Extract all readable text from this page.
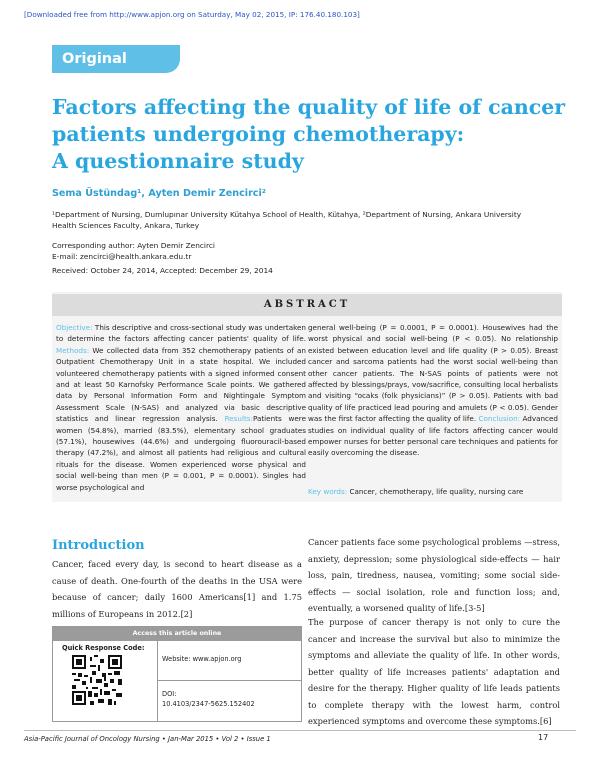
[Downloaded free from http://www.apjon.org on Saturday, May 02, 2015, IP: 176.40.180.103]
Original Article
Factors affecting the quality of life of cancer
patients undergoing chemotherapy:
A questionnaire study
Sema Üstündag¹, Ayten Demir Zencirci²
¹Department of Nursing, Dumlupınar University Kütahya School of Health, Kütahya, ²Department of Nursing, Ankara University Health Sciences Faculty, Ankara, Turkey
Corresponding author: Ayten Demir Zencirci
E-mail: zencirci@health.ankara.edu.tr
Received: October 24, 2014, Accepted: December 29, 2014
ABSTRACT
Objective: This descriptive and cross-sectional study was undertaken to determine the factors affecting cancer patients' quality of life. Methods: We collected data from 352 chemotherapy patients of an Outpatient Chemotherapy Unit in a state hospital. We included volunteered chemotherapy patients with a signed informed consent and at least 50 Karnofsky Performance Scale points. We gathered data by Personal Information Form and Nightingale Symptom Assessment Scale (N-SAS) and analyzed via basic descriptive statistics and linear regression analysis. Results:Patients were women (54.8%), married (83.5%), elementary school graduates (57.1%), housewives (44.6%) and undergoing fluorouracil-based therapy (47.2%), and almost all patients had religious and cultural rituals for the disease. Women experienced worse physical and social well-being than men (P = 0.001, P = 0.0001). Singles had worse psychological and
general well-being (P = 0.0001, P = 0.0001). Housewives had the worst physical and social well-being (P < 0.05). No relationship existed between education level and life quality (P > 0.05). Breast cancer and sarcoma patients had the worst social well-being than other cancer patients. The N-SAS points of patients were not affected by blessings/prays, vow/sacrifice, consulting local herbalists and visiting “ocaks (folk physicians)” (P > 0.05). Patients with bad quality of life practiced lead pouring and amulets (P < 0.05). Gender was the first factor affecting the quality of life. Conclusion: Advanced studies on individual quality of life factors affecting cancer would empower nurses for better personal care techniques and patients for easily overcoming the disease.
Key words: Cancer, chemotherapy, life quality, nursing care
Introduction
Cancer, faced every day, is second to heart disease as a cause of death. One-fourth of the deaths in the USA were because of cancer; daily 1600 Americans[1] and 1.75 millions of Europeans in 2012.[2]
Cancer patients face some psychological problems —stress, anxiety, depression; some physiological side-effects — hair loss, pain, tiredness, nausea, vomiting; some social side-effects — social isolation, role and function loss; and, eventually, a worsened quality of life.[3-5]
The purpose of cancer therapy is not only to cure the cancer and increase the survival but also to minimize the symptoms and alleviate the quality of life. In other words, better quality of life increases patients' adaptation and desire for the therapy. Higher quality of life leads patients to complete therapy with the lowest harm, control experienced symptoms and overcome these symptoms.[6]
Access this article online
Quick Response Code:
Website: www.apjon.org
DOI:
10.4103/2347-5625.152402
Asia-Pacific Journal of Oncology Nursing • Jan-Mar 2015 • Vol 2 • Issue 1	17
